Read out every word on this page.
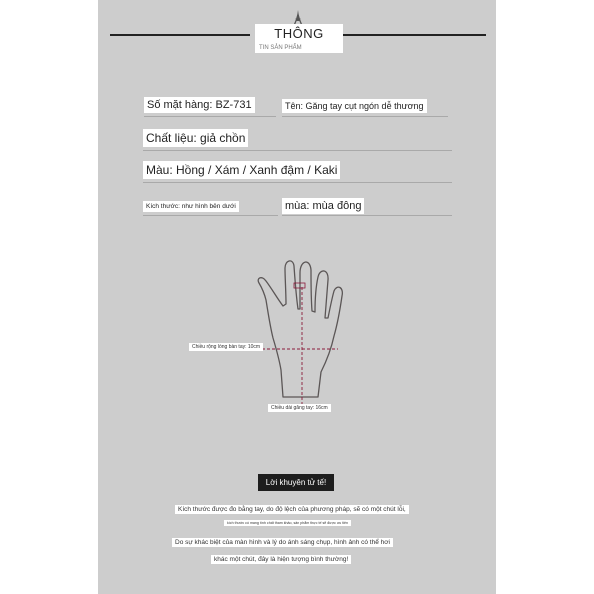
THÔNG
TIN SẢN PHẨM
Số mặt hàng: BZ-731	Tên: Găng tay cụt ngón dễ thương
Chất liệu: giả chồn
Màu: Hồng / Xám / Xanh đậm / Kaki
Kích thước: như hình bên dưới	mùa: mùa đông
Chiều rộng lòng bàn tay: 10cm
Chiều dài găng tay: 16cm
Lời khuyên tử tế!
Kích thước được đo bằng tay, do độ lệch của phương pháp, sẽ có một chút lỗi,
kích thước có mang tính chất tham khảo, sản phẩm thực tế sẽ được ưu tiên
Do sự khác biệt của màn hình và lý do ánh sáng chụp, hình ảnh có thể hơi
khác một chút, đây là hiện tượng bình thường!
